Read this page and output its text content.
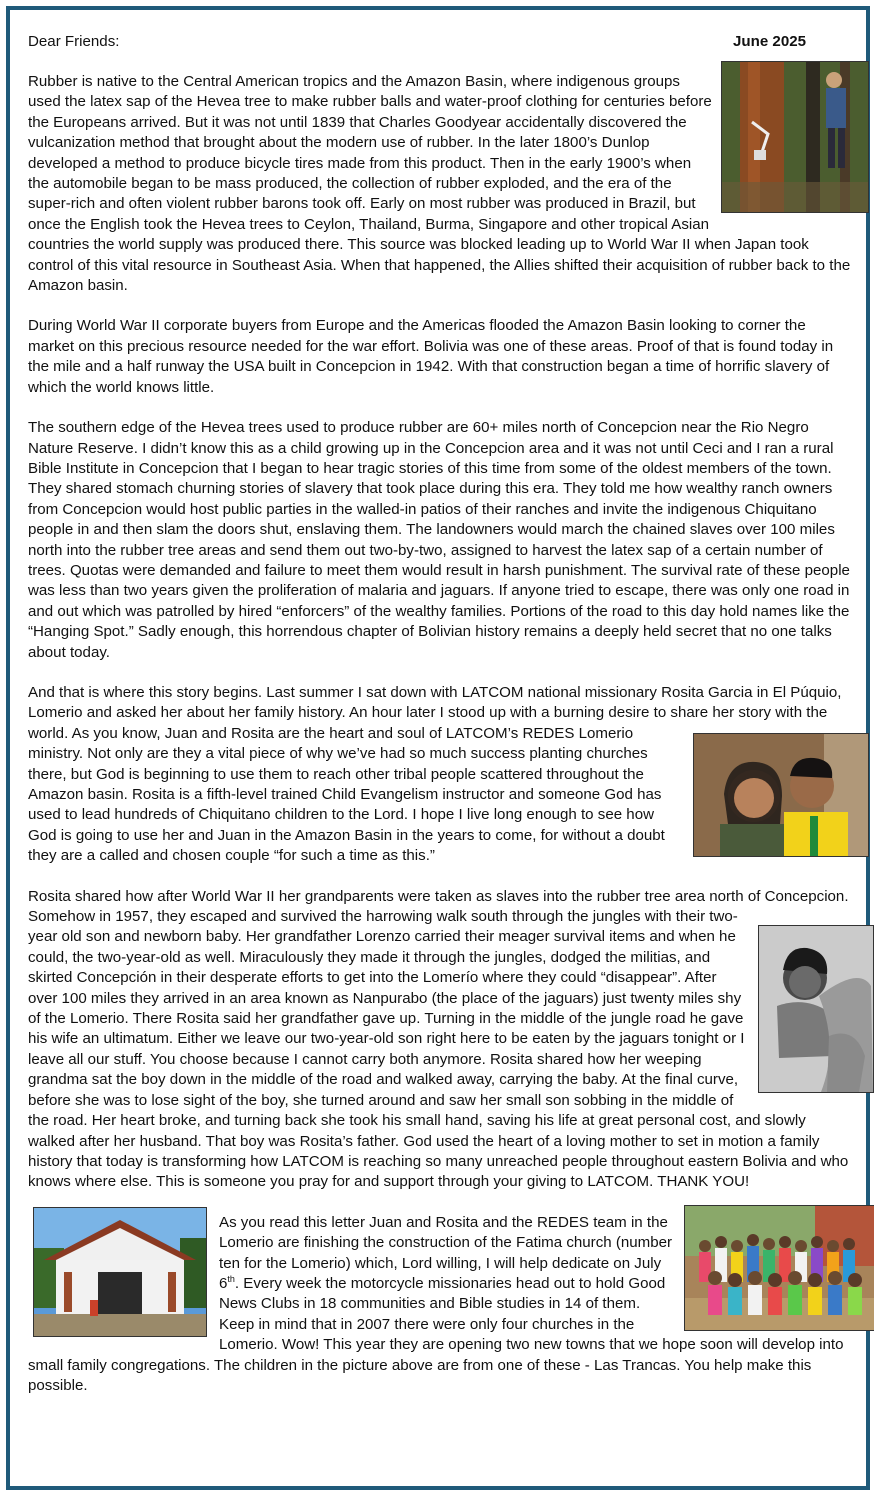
Dear Friends:	June 2025

Rubber is native to the Central American tropics and the Amazon Basin, where indigenous groups used the latex sap of the Hevea tree to make rubber balls and water-proof clothing for centuries before the Europeans arrived. But it was not until 1839 that Charles Goodyear accidentally discovered the vulcanization method that brought about the modern use of rubber. In the later 1800’s Dunlop developed a method to produce bicycle tires made from this product. Then in the early 1900’s when the automobile began to be mass produced, the collection of rubber exploded, and the era of the super-rich and often violent rubber barons took off. Early on most rubber was produced in Brazil, but once the English took the Hevea trees to Ceylon, Thailand, Burma, Singapore and other tropical Asian countries the world supply was produced there. This source was blocked leading up to World War II when Japan took control of this vital resource in Southeast Asia. When that happened, the Allies shifted their acquisition of rubber back to the Amazon basin.

During World War II corporate buyers from Europe and the Americas flooded the Amazon Basin looking to corner the market on this precious resource needed for the war effort. Bolivia was one of these areas. Proof of that is found today in the mile and a half runway the USA built in Concepcion in 1942. With that construction began a time of horrific slavery of which the world knows little.

The southern edge of the Hevea trees used to produce rubber are 60+ miles north of Concepcion near the Rio Negro Nature Reserve. I didn’t know this as a child growing up in the Concepcion area and it was not until Ceci and I ran a rural Bible Institute in Concepcion that I began to hear tragic stories of this time from some of the oldest members of the town. They shared stomach churning stories of slavery that took place during this era. They told me how wealthy ranch owners from Concepcion would host public parties in the walled-in patios of their ranches and invite the indigenous Chiquitano people in and then slam the doors shut, enslaving them. The landowners would march the chained slaves over 100 miles north into the rubber tree areas and send them out two-by-two, assigned to harvest the latex sap of a certain number of trees. Quotas were demanded and failure to meet them would result in harsh punishment. The survival rate of these people was less than two years given the proliferation of malaria and jaguars. If anyone tried to escape, there was only one road in and out which was patrolled by hired “enforcers” of the wealthy families. Portions of the road to this day hold names like the “Hanging Spot.” Sadly enough, this horrendous chapter of Bolivian history remains a deeply held secret that no one talks about today.

And that is where this story begins. Last summer I sat down with LATCOM national missionary Rosita Garcia in El Púquio, Lomerio and asked her about her family history. An hour later I stood up with a burning desire to share her story with the world. As you know, Juan and Rosita are the heart and soul of LATCOM’s REDES Lomerio ministry. Not only are they a vital piece of why we’ve had so much success planting churches there, but God is beginning to use them to reach other tribal people scattered throughout the Amazon basin. Rosita is a fifth-level trained Child Evangelism instructor and someone God has used to lead hundreds of Chiquitano children to the Lord. I hope I live long enough to see how God is going to use her and Juan in the Amazon Basin in the years to come, for without a doubt they are a called and chosen couple “for such a time as this.”

Rosita shared how after World War II her grandparents were taken as slaves into the rubber tree area north of Concepcion. Somehow in 1957, they escaped and survived the harrowing walk south through the jungles with their two-year old son and newborn baby. Her grandfather Lorenzo carried their meager survival items and when he could, the two-year-old as well. Miraculously they made it through the jungles, dodged the militias, and skirted Concepción in their desperate efforts to get into the Lomerío where they could “disappear”. After over 100 miles they arrived in an area known as Nanpurabo (the place of the jaguars) just twenty miles shy of the Lomerio. There Rosita said her grandfather gave up. Turning in the middle of the jungle road he gave his wife an ultimatum. Either we leave our two-year-old son right here to be eaten by the jaguars tonight or I leave all our stuff. You choose because I cannot carry both anymore. Rosita shared how her weeping grandma sat the boy down in the middle of the road and walked away, carrying the baby. At the final curve, before she was to lose sight of the boy, she turned around and saw her small son sobbing in the middle of the road. Her heart broke, and turning back she took his small hand, saving his life at great personal cost, and slowly walked after her husband. That boy was Rosita’s father. God used the heart of a loving mother to set in motion a family history that today is transforming how LATCOM is reaching so many unreached people throughout eastern Bolivia and who knows where else. This is someone you pray for and support through your giving to LATCOM. THANK YOU!

As you read this letter Juan and Rosita and the REDES team in the Lomerio are finishing the construction of the Fatima church (number ten for the Lomerio) which, Lord willing, I will help dedicate on July 6th. Every week the motorcycle missionaries head out to hold Good News Clubs in 18 communities and Bible studies in 14 of them. Keep in mind that in 2007 there were only four churches in the Lomerio. Wow! This year they are opening two new towns that we hope soon will develop into small family congregations. The children in the picture above are from one of these - Las Trancas. You help make this possible.
